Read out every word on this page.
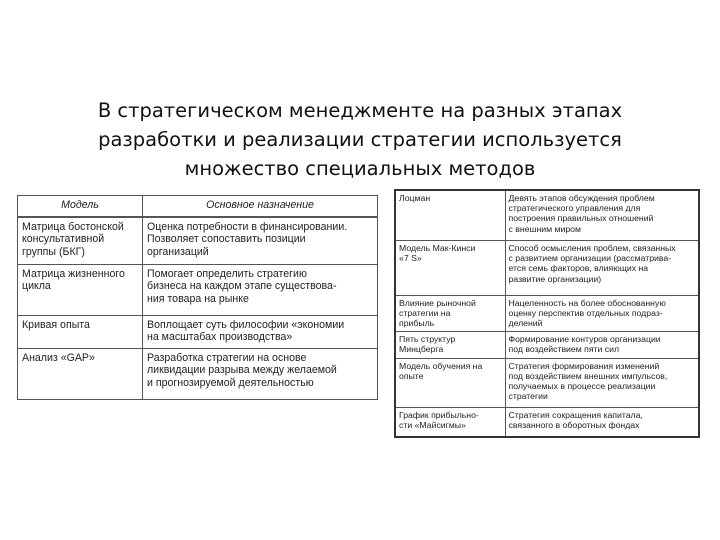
В стратегическом менеджменте на разных этапах
разработки и реализации стратегии используется
множество специальных методов
Модель	Основное назначение

Матрица бостонской
консультативной
группы (БКГ)	Оценка потребности в финансировании.
Позволяет сопоставить позиции
организаций

Матрица жизненного
цикла	Помогает определить стратегию
бизнеса на каждом этапе существова-
ния товара на рынке

Кривая опыта	Воплощает суть философии «экономии
на масштабах производства»

Анализ «GAP»	Разработка стратегии на основе
ликвидации разрыва между желаемой
и прогнозируемой деятельностью
Лоцман	Девять этапов обсуждения проблем
стратегического управления для
построения правильных отношений
с внешним миром

Модель Мак-Кинси
«7 S»	Способ осмысления проблем, связанных
с развитием организации (рассматрива-
ется семь факторов, влияющих на
развитие организации)

Влияние рыночной
стратегии на
прибыль	Нацеленность на более обоснованную
оценку перспектив отдельных подраз-
делений

Пять структур
Минцберга	Формирование контуров организации
под воздействием пяти сил

Модель обучения на
опыте	Стратегия формирования изменений
под воздействием внешних импульсов,
получаемых в процессе реализации
стратегии

График прибыльно-
сти «Майсигмы»	Стратегия сокращения капитала,
связанного в оборотных фондах
